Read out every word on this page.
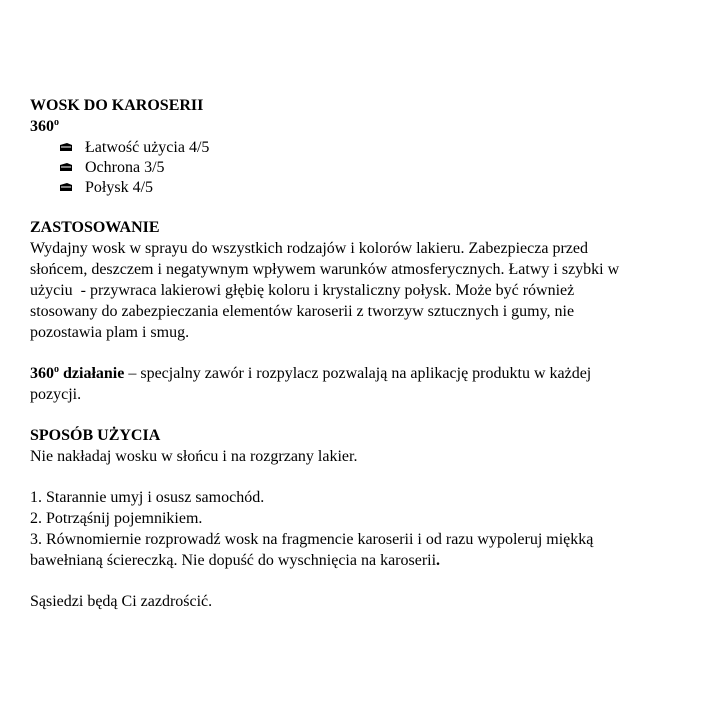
WOSK DO KAROSERII
360$^o$
Łatwość użycia 4/5
Ochrona 3/5
Połysk 4/5
ZASTOSOWANIE
Wydajny wosk w sprayu do wszystkich rodzajów i kolorów lakieru. Zabezpiecza przed
słońcem, deszczem i negatywnym wpływem warunków atmosferycznych. Łatwy i szybki w
użyciu  - przywraca lakierowi głębię koloru i krystaliczny połysk. Może być również
stosowany do zabezpieczania elementów karoserii z tworzyw sztucznych i gumy, nie
pozostawia plam i smug.
360$^o$ działanie – specjalny zawór i rozpylacz pozwalają na aplikację produktu w każdej
pozycji.
SPOSÓB UŻYCIA
Nie nakładaj wosku w słońcu i na rozgrzany lakier.
1. Starannie umyj i osusz samochód.
2. Potrząśnij pojemnikiem.
3. Równomiernie rozprowadź wosk na fragmencie karoserii i od razu wypoleruj miękką
bawełnianą ściereczką. Nie dopuść do wyschnięcia na karoserii.
Sąsiedzi będą Ci zazdrościć.
